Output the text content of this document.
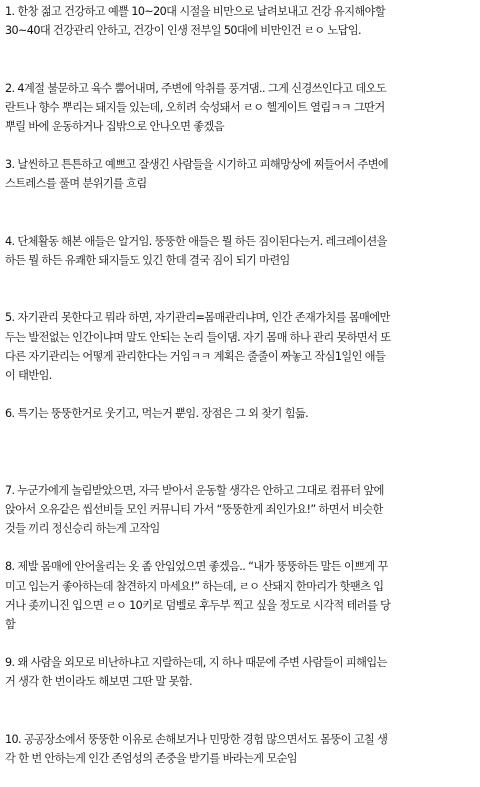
1. 한창 젊고 건강하고 예쁠 10~20대 시절을 비만으로 날려보내고 건강 유지해야할
30~40대 건강관리 안하고, 건강이 인생 전부일 50대에 비만인건 ㄹㅇ 노답임.
2. 4계절 불문하고 육수 뿜어내며, 주변에 악취를 풍겨댐.. 그게 신경쓰인다고 데오도
란트나 향수 뿌리는 돼지들 있는데, 오히려 숙성돼서 ㄹㅇ 헬게이트 열림ㅋㅋ 그딴거
뿌릴 바에 운동하거나 집밖으로 안나오면 좋겠음
3. 날씬하고 튼튼하고 예쁘고 잘생긴 사람들을 시기하고 피해망상에 찌들어서 주변에
스트레스를 풀며 분위기를 흐림
4. 단체활동 해본 애들은 알거임. 뚱뚱한 애들은 뭘 하든 짐이된다는거. 레크레이션을
하든 뭘 하든 유쾌한 돼지들도 있긴 한데 결국 짐이 되기 마련임
5. 자기관리 못한다고 뭐라 하면, 자기관리=몸매관리냐며, 인간 존재가치를 몸매에만
두는 발전없는 인간이냐며 말도 안되는 논리 들이댐. 자기 몸매 하나 관리 못하면서 또
다른 자기관리는 어떻게 관리한다는 거임ㅋㅋ 계획은 줄줄이 짜놓고 작심1일인 애들
이 태반임.
6. 특기는 뚱뚱한거로 웃기고, 먹는거 뿐임. 장점은 그 외 찾기 힘듦.
7. 누군가에게 놀림받았으면, 자극 받아서 운동할 생각은 안하고 그대로 컴퓨터 앞에
앉아서 오유같은 씹선비들 모인 커뮤니티 가서 “뚱뚱한게 죄인가요!” 하면서 비슷한
것들 끼리 정신승리 하는게 고작임
8. 제발 몸매에 안어울리는 옷 좀 안입었으면 좋겠음.. “내가 뚱뚱하든 말든 이쁘게 꾸
미고 입는거 좋아하는데 참견하지 마세요!” 하는데, ㄹㅇ 산돼지 한마리가 핫팬츠 입
거나 좆끼니진 입으면 ㄹㅇ 10키로 덤벨로 후두부 찍고 싶을 정도로 시각적 테러를 당
함
9. 왜 사람을 외모로 비난하냐고 지랄하는데, 지 하나 때문에 주변 사람들이 피해입는
거 생각 한 번이라도 해보면 그딴 말 못함.
10. 공공장소에서 뚱뚱한 이유로 손해보거나 민망한 경험 많으면서도 몸뚱이 고칠 생
각 한 번 안하는게 인간 존엄성의 존중을 받기를 바라는게 모순임
